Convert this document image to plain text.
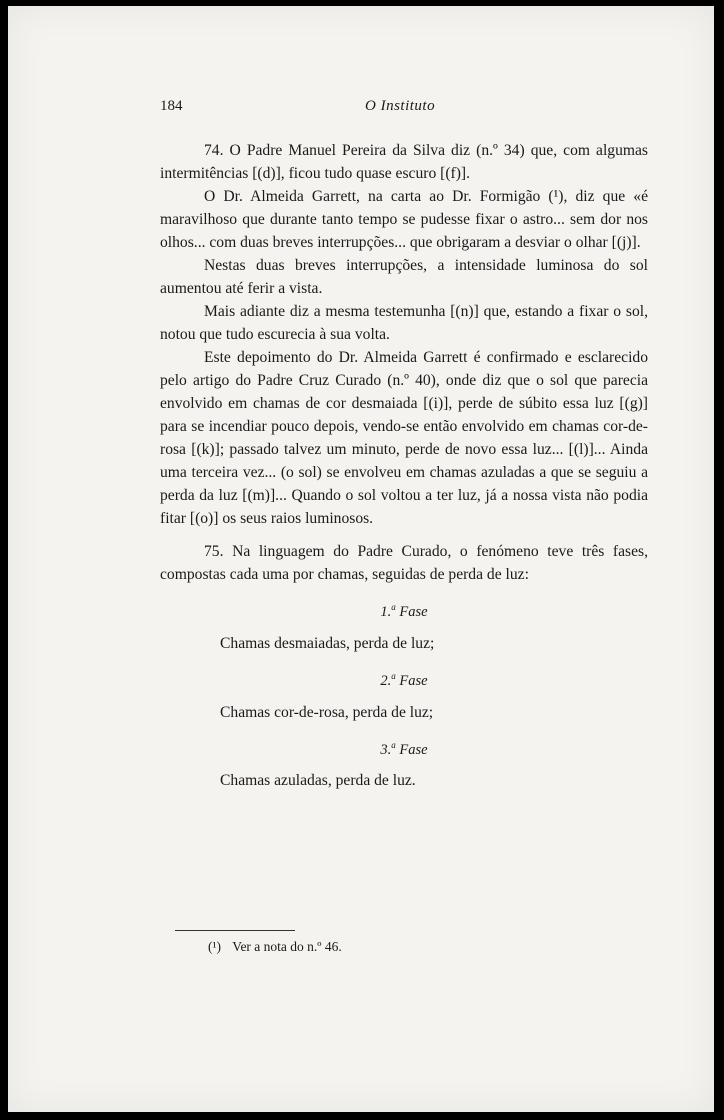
184	O Instituto

74. O Padre Manuel Pereira da Silva diz (n.º 34) que, com algumas intermitências [(d)], ficou tudo quase escuro [(f)].

O Dr. Almeida Garrett, na carta ao Dr. Formigão (¹), diz que «é maravilhoso que durante tanto tempo se pudesse fixar o astro... sem dor nos olhos... com duas breves interrupções... que obrigaram a desviar o olhar [(j)].

Nestas duas breves interrupções, a intensidade luminosa do sol aumentou até ferir a vista.

Mais adiante diz a mesma testemunha [(n)] que, estando a fixar o sol, notou que tudo escurecia à sua volta.

Este depoimento do Dr. Almeida Garrett é confirmado e esclarecido pelo artigo do Padre Cruz Curado (n.º 40), onde diz que o sol que parecia envolvido em chamas de cor desmaiada [(i)], perde de súbito essa luz [(g)] para se incendiar pouco depois, vendo-se então envolvido em chamas cor-de-rosa [(k)]; passado talvez um minuto, perde de novo essa luz... [(l)]... Ainda uma terceira vez... (o sol) se envolveu em chamas azuladas a que se seguiu a perda da luz [(m)]... Quando o sol voltou a ter luz, já a nossa vista não podia fitar [(o)] os seus raios luminosos.

75. Na linguagem do Padre Curado, o fenómeno teve três fases, compostas cada uma por chamas, seguidas de perda de luz:

1.$^a$ Fase

Chamas desmaiadas, perda de luz;

2.$^a$ Fase

Chamas cor-de-rosa, perda de luz;

3.$^a$ Fase

Chamas azuladas, perda de luz.

(¹) Ver a nota do n.º 46.
